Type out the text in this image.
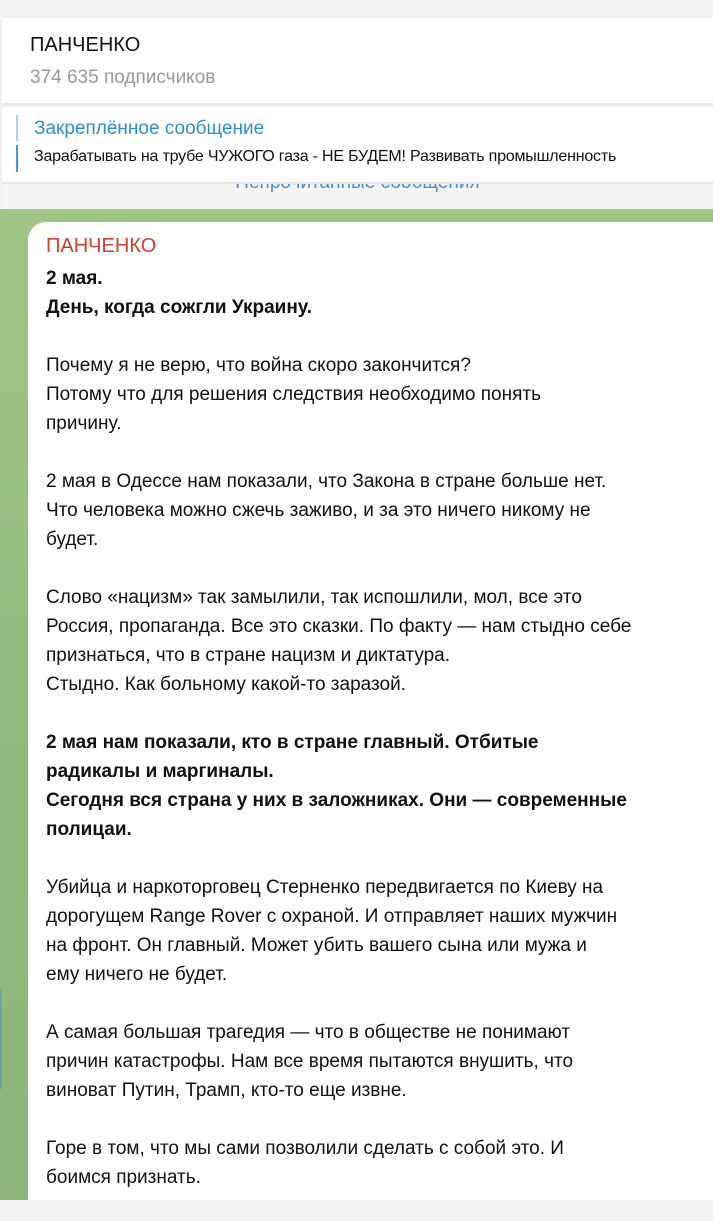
ПАНЧЕНКО
374 635 подписчиков
Закреплённое сообщение
Зарабатывать на трубе ЧУЖОГО газа - НЕ БУДЕМ! Развивать промышленность
ПАНЧЕНКО
2 мая.
День, когда сожгли Украину.
Почему я не верю, что война скоро закончится?
Потому что для решения следствия необходимо понять
причину.
2 мая в Одессе нам показали, что Закона в стране больше нет.
Что человека можно сжечь заживо, и за это ничего никому не
будет.
Слово «нацизм» так замылили, так испошлили, мол, все это
Россия, пропаганда. Все это сказки. По факту — нам стыдно себе
признаться, что в стране нацизм и диктатура.
Стыдно. Как больному какой-то заразой.
2 мая нам показали, кто в стране главный. Отбитые
радикалы и маргиналы.
Сегодня вся страна у них в заложниках. Они — современные
полицаи.
Убийца и наркоторговец Стерненко передвигается по Киеву на
дорогущем Range Rover с охраной. И отправляет наших мужчин
на фронт. Он главный. Может убить вашего сына или мужа и
ему ничего не будет.
А самая большая трагедия — что в обществе не понимают
причин катастрофы. Нам все время пытаются внушить, что
виноват Путин, Трамп, кто-то еще извне.
Горе в том, что мы сами позволили сделать с собой это. И
боимся признать.
